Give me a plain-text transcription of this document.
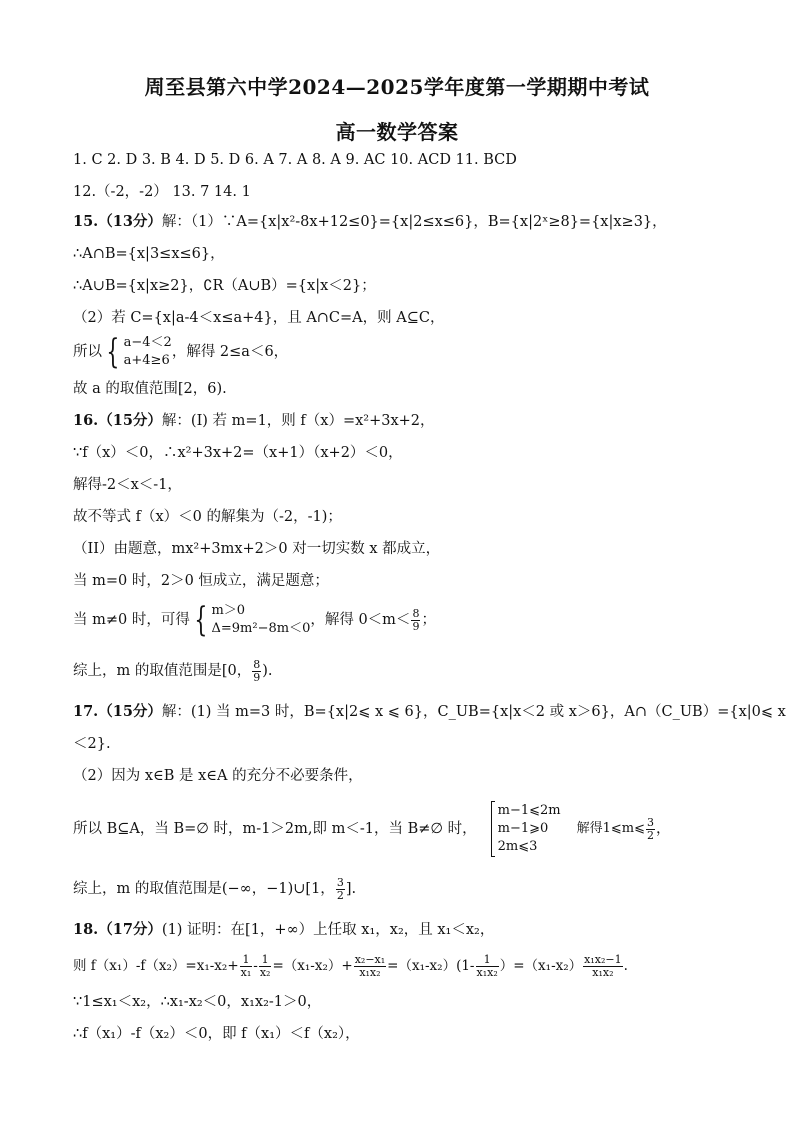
周至县第六中学2024—2025学年度第一学期期中考试
高一数学答案
1. C 2. D 3. B 4. D 5. D 6. A 7. A 8. A 9. AC 10. ACD 11. BCD
12.（-2，-2） 13. 7 14. 1
15.（13分）解：（1）∵A={x|x²-8x+12≤0}={x|2≤x≤6}，B={x|2ˣ≥8}={x|x≥3}，
∴A∩B={x|3≤x≤6}，
∴A∪B={x|x≥2}，∁R（A∪B）={x|x＜2}；
（2）若 C={x|a-4＜x≤a+4}，且 A∩C=A，则 A⊆C，
所以 { a−4＜2
a+4≥6
，解得 2≤a＜6，
故 a 的取值范围[2，6).
16.（15分）解：(I) 若 m=1，则 f（x）=x²+3x+2，
∵f（x）＜0，∴x²+3x+2=（x+1）（x+2）＜0，
解得-2＜x＜-1，
故不等式 f（x）＜0 的解集为（-2，-1)；
（II）由题意，mx²+3mx+2＞0 对一切实数 x 都成立，
当 m=0 时，2＞0 恒成立，满足题意；
当 m≠0 时，可得 { m＞0
Δ=9m²−8m＜0
，解得 $0<m< \frac{8}{9}$ ；
综上，m 的取值范围是[0， $\frac{8}{9}$ ).
17.（15分）解：(1) 当 m=3 时，B={x|2⩽ x ⩽ 6}，C_UB={x|x＜2 或 x＞6}，A∩（C_UB）={x|0⩽ x
＜2}.
（2）因为 x∈B 是 x∈A 的充分不必要条件，
所以 B⊆A，当 B=∅ 时，m-1＞2m,即 m＜-1，当 B≠∅ 时，
m−1⩽2m
m−1⩾0
2m⩽3
解得1⩽m⩽ $\frac{3}{2}$ ，
综上，m 的取值范围是(−∞，−1)∪[1， $\frac{3}{2}$ ].
18.（17分）(1) 证明：在[1，+∞）上任取 x₁，x₂，且 x₁＜x₂，
则 $f(x_1)-f(x_2)=x_1-x_2+ \frac{1}{\text{x₁}} - \frac{1}{\text{x₂}} =(x_1-x_2)+ \frac{\text{x₂−x₁}}{\text{x₁x₂}} =(x_1-x_2)(1- \frac{1}{\text{x₁x₂}} )=(x_1-x_2) \frac{\text{x₁x₂−1}}{\text{x₁x₂}}$ .
∵1≤x₁＜x₂，∴x₁-x₂＜0，x₁x₂-1＞0，
∴f（x₁）-f（x₂）＜0，即 f（x₁）＜f（x₂），
